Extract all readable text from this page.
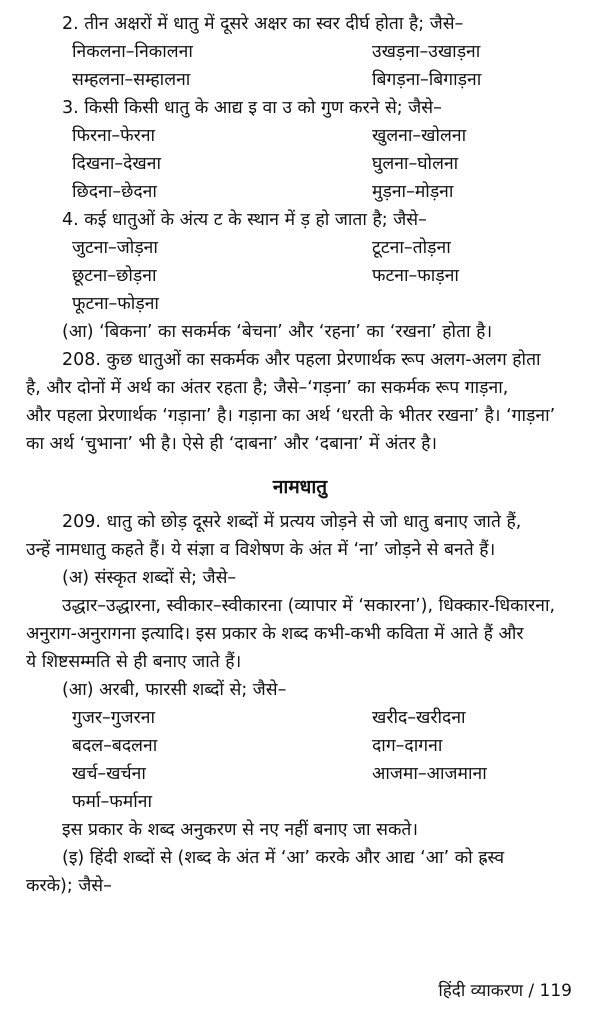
2. तीन अक्षरों में धातु में दूसरे अक्षर का स्वर दीर्घ होता है; जैसे–
निकलना–निकालना	उखड़ना–उखाड़ना
सम्हलना–सम्हालना	बिगड़ना–बिगाड़ना
3. किसी किसी धातु के आद्य इ वा उ को गुण करने से; जैसे–
फिरना–फेरना	खुलना–खोलना
दिखना–देखना	घुलना–घोलना
छिदना–छेदना	मुड़ना–मोड़ना
4. कई धातुओं के अंत्य ट के स्थान में ड़ हो जाता है; जैसे–
जुटना–जोड़ना	टूटना–तोड़ना
छूटना–छोड़ना	फटना–फाड़ना
फूटना–फोड़ना
(आ) ‘बिकना’ का सकर्मक ‘बेचना’ और ‘रहना’ का ‘रखना’ होता है।
208. कुछ धातुओं का सकर्मक और पहला प्रेरणार्थक रूप अलग-अलग होता
है, और दोनों में अर्थ का अंतर रहता है; जैसे–‘गड़ना’ का सकर्मक रूप गाड़ना,
और पहला प्रेरणार्थक ‘गड़ाना’ है। गड़ाना का अर्थ ‘धरती के भीतर रखना’ है। ‘गाड़ना’
का अर्थ ‘चुभाना’ भी है। ऐसे ही ‘दाबना’ और ‘दबाना’ में अंतर है।
नामधातु
209. धातु को छोड़ दूसरे शब्दों में प्रत्यय जोड़ने से जो धातु बनाए जाते हैं,
उन्हें नामधातु कहते हैं। ये संज्ञा व विशेषण के अंत में ‘ना’ जोड़ने से बनते हैं।
(अ) संस्कृत शब्दों से; जैसे–
उद्धार–उद्धारना, स्वीकार–स्वीकारना (व्यापार में ‘सकारना’), धिक्कार-धिकारना,
अनुराग-अनुरागना इत्यादि। इस प्रकार के शब्द कभी-कभी कविता में आते हैं और
ये शिष्टसम्मति से ही बनाए जाते हैं।
(आ) अरबी, फारसी शब्दों से; जैसे–
गुजर–गुजरना	खरीद–खरीदना
बदल–बदलना	दाग–दागना
खर्च–खर्चना	आजमा–आजमाना
फर्मा–फर्माना
इस प्रकार के शब्द अनुकरण से नए नहीं बनाए जा सकते।
(इ) हिंदी शब्दों से (शब्द के अंत में ‘आ’ करके और आद्य ‘आ’ को ह्रस्व
करके); जैसे–
हिंदी व्याकरण / 119
